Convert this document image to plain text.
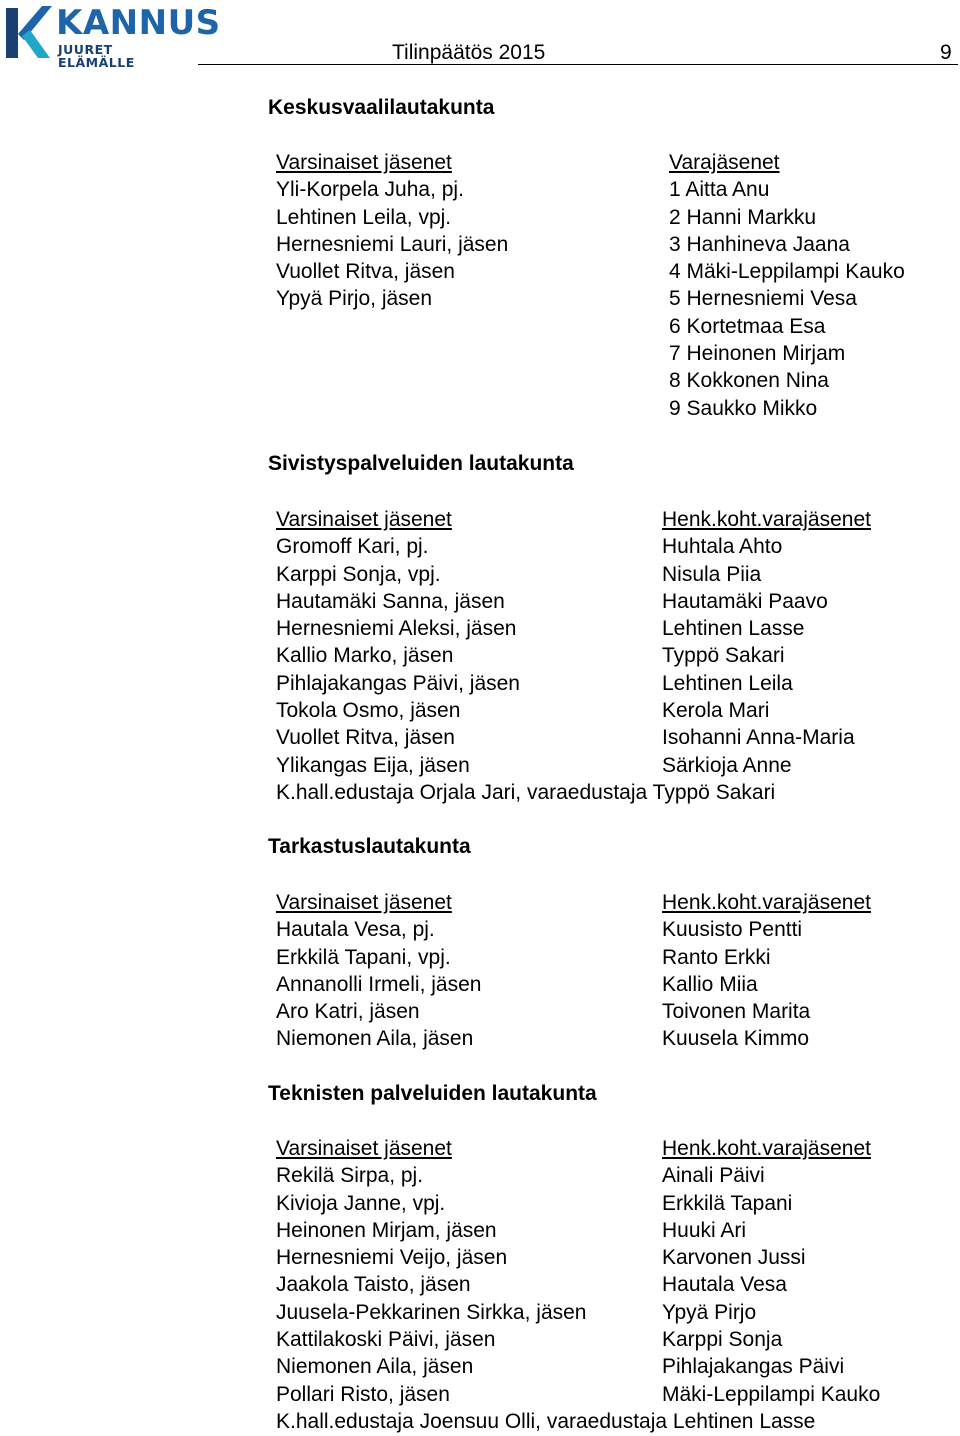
KANNUS
JUURET ELÄMÄLLE	Tilinpäätös 2015	9
Keskusvaalilautakunta
Varsinaiset jäsenet
Yli-Korpela Juha, pj.
Lehtinen Leila, vpj.
Hernesniemi Lauri, jäsen
Vuollet Ritva, jäsen
Ypyä Pirjo, jäsen
Varajäsenet
1 Aitta Anu
2 Hanni Markku
3 Hanhineva Jaana
4 Mäki-Leppilampi Kauko
5 Hernesniemi Vesa
6 Kortetmaa Esa
7 Heinonen Mirjam
8 Kokkonen Nina
9 Saukko Mikko
Sivistyspalveluiden lautakunta
Varsinaiset jäsenet
Gromoff Kari, pj.
Karppi Sonja, vpj.
Hautamäki Sanna, jäsen
Hernesniemi Aleksi, jäsen
Kallio Marko, jäsen
Pihlajakangas Päivi, jäsen
Tokola Osmo, jäsen
Vuollet Ritva, jäsen
Ylikangas Eija, jäsen
Henk.koht.varajäsenet
Huhtala Ahto
Nisula Piia
Hautamäki Paavo
Lehtinen Lasse
Typpö Sakari
Lehtinen Leila
Kerola Mari
Isohanni Anna-Maria
Särkioja Anne
K.hall.edustaja Orjala Jari, varaedustaja Typpö Sakari
Tarkastuslautakunta
Varsinaiset jäsenet
Hautala Vesa, pj.
Erkkilä Tapani, vpj.
Annanolli Irmeli, jäsen
Aro Katri, jäsen
Niemonen Aila, jäsen
Henk.koht.varajäsenet
Kuusisto Pentti
Ranto Erkki
Kallio Miia
Toivonen Marita
Kuusela Kimmo
Teknisten palveluiden lautakunta
Varsinaiset jäsenet
Rekilä Sirpa, pj.
Kivioja Janne, vpj.
Heinonen Mirjam, jäsen
Hernesniemi Veijo, jäsen
Jaakola Taisto, jäsen
Juusela-Pekkarinen Sirkka, jäsen
Kattilakoski Päivi, jäsen
Niemonen Aila, jäsen
Pollari Risto, jäsen
Henk.koht.varajäsenet
Ainali Päivi
Erkkilä Tapani
Huuki Ari
Karvonen Jussi
Hautala Vesa
Ypyä Pirjo
Karppi Sonja
Pihlajakangas Päivi
Mäki-Leppilampi Kauko
K.hall.edustaja Joensuu Olli, varaedustaja Lehtinen Lasse
